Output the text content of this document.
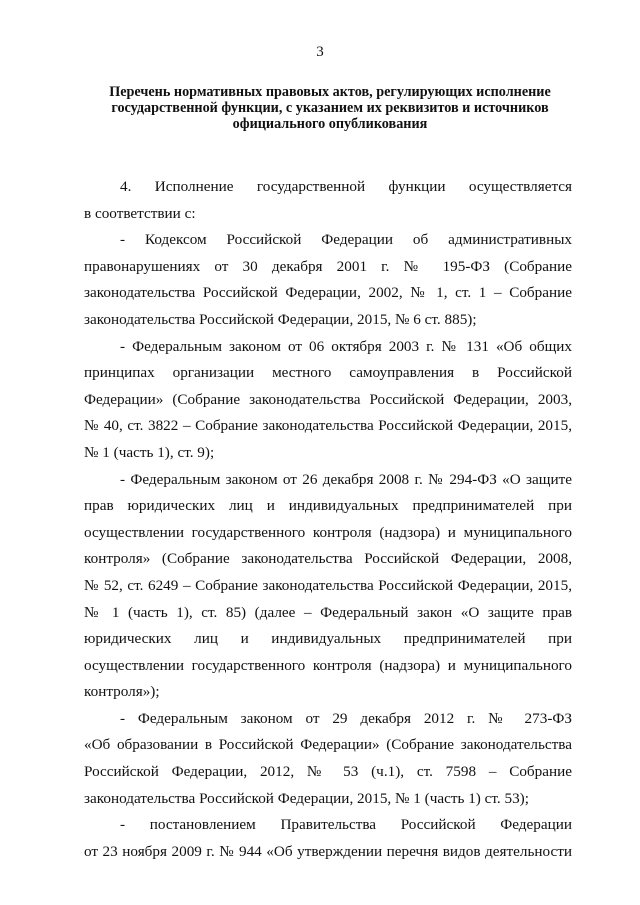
3
Перечень нормативных правовых актов, регулирующих исполнение
государственной функции, с указанием их реквизитов и источников
официального опубликования
4. Исполнение государственной функции осуществляется
в соответствии с:
- Кодексом Российской Федерации об административных
правонарушениях от 30 декабря 2001 г. № 195-ФЗ (Собрание
законодательства Российской Федерации, 2002, № 1, ст. 1 – Собрание
законодательства Российской Федерации, 2015, № 6 ст. 885);
- Федеральным законом от 06 октября 2003 г. № 131 «Об общих
принципах организации местного самоуправления в Российской
Федерации» (Собрание законодательства Российской Федерации, 2003,
№ 40, ст. 3822 – Собрание законодательства Российской Федерации, 2015,
№ 1 (часть 1), ст. 9);
- Федеральным законом от 26 декабря 2008 г. № 294-ФЗ «О защите
прав юридических лиц и индивидуальных предпринимателей при
осуществлении государственного контроля (надзора) и муниципального
контроля» (Собрание законодательства Российской Федерации, 2008,
№ 52, ст. 6249 – Собрание законодательства Российской Федерации, 2015,
№ 1 (часть 1), ст. 85) (далее – Федеральный закон «О защите прав
юридических лиц и индивидуальных предпринимателей при
осуществлении государственного контроля (надзора) и муниципального
контроля»);
- Федеральным законом от 29 декабря 2012 г. № 273-ФЗ
«Об образовании в Российской Федерации» (Собрание законодательства
Российской Федерации, 2012, № 53 (ч.1), ст. 7598 – Собрание
законодательства Российской Федерации, 2015, № 1 (часть 1) ст. 53);
- постановлением Правительства Российской Федерации
от 23 ноября 2009 г. № 944 «Об утверждении перечня видов деятельности
